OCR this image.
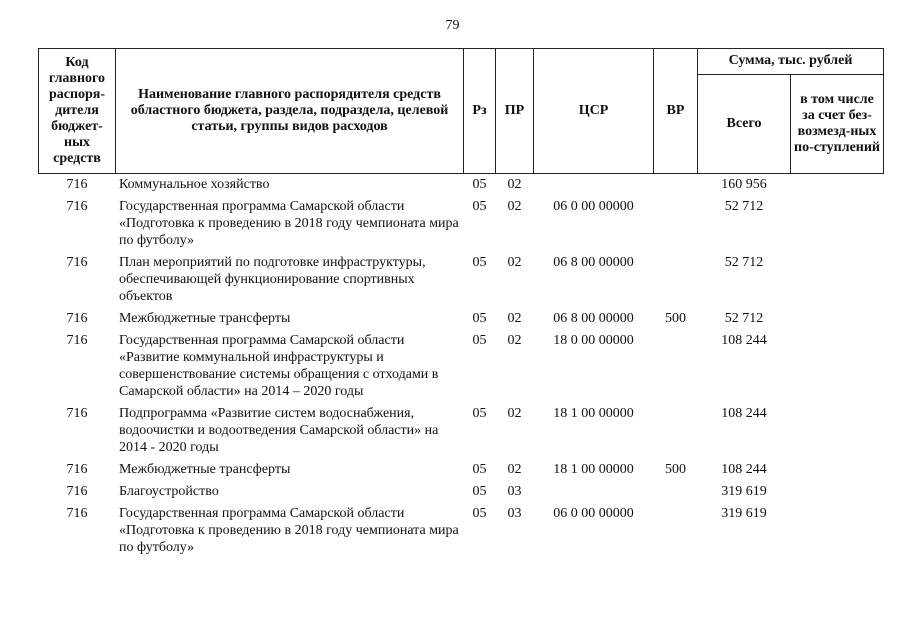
79
Код главного распоря-дителя бюджет-ных средств	Наименование главного распорядителя средств областного бюджета, раздела, подраздела, целевой статьи, группы видов расходов	Рз	ПР	ЦСР	ВР	Сумма, тыс. рублей	
						Всего	в том числе за счет без-возмезд-ных по-ступлений
716	Коммунальное хозяйство	05	02			160 956	
716	Государственная программа Самарской области «Подготовка к проведению в 2018 году чемпионата мира по футболу»	05	02	06 0 00 00000		52 712	
716	План мероприятий по подготовке инфраструктуры, обеспечивающей функционирование спортивных объектов	05	02	06 8 00 00000		52 712	
716	Межбюджетные трансферты	05	02	06 8 00 00000	500	52 712	
716	Государственная программа Самарской области «Развитие коммунальной инфраструктуры и совершенствование системы обращения с отходами в Самарской области» на 2014 – 2020 годы	05	02	18 0 00 00000		108 244	
716	Подпрограмма «Развитие систем водоснабжения, водоочистки и водоотведения Самарской области» на 2014 - 2020 годы	05	02	18 1 00 00000		108 244	
716	Межбюджетные трансферты	05	02	18 1 00 00000	500	108 244	
716	Благоустройство	05	03			319 619	
716	Государственная программа Самарской области «Подготовка к проведению в 2018 году чемпионата мира по футболу»	05	03	06 0 00 00000		319 619	
